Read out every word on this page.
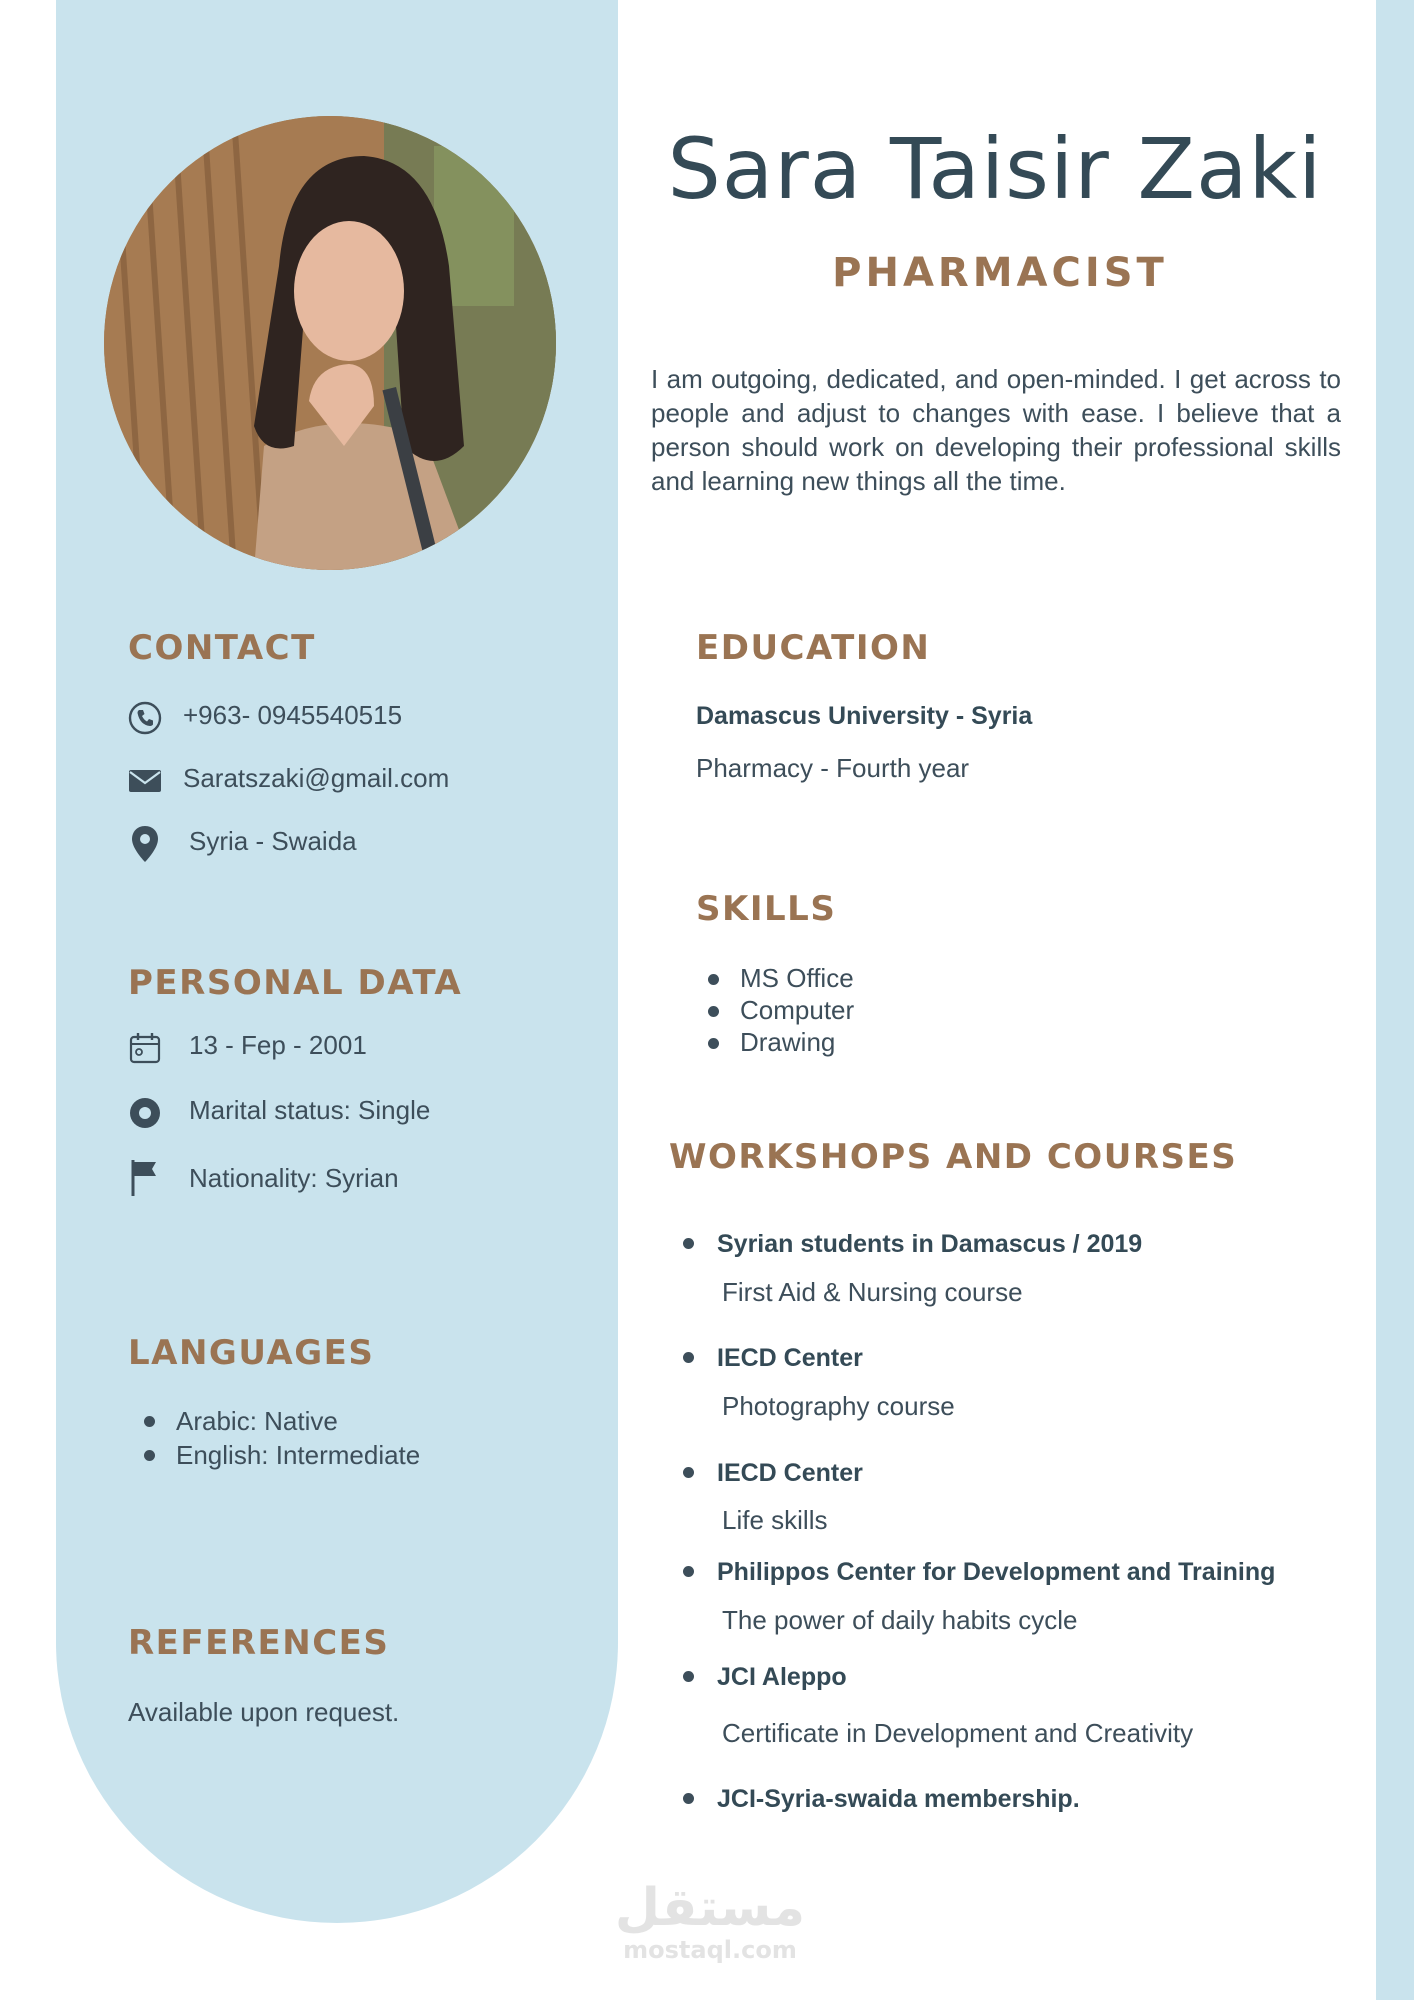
Sara Taisir Zaki
PHARMACIST
I am outgoing, dedicated, and open-minded. I get across to people and adjust to changes with ease. I believe that a person should work on developing their professional skills and learning new things all the time.
CONTACT
+963- 0945540515
Saratszaki@gmail.com
Syria - Swaida
PERSONAL DATA
13 - Fep - 2001
Marital status: Single
Nationality: Syrian
LANGUAGES
Arabic: Native
English: Intermediate
REFERENCES
Available upon request.
EDUCATION
Damascus University - Syria
Pharmacy - Fourth year
SKILLS
MS Office
Computer
Drawing
WORKSHOPS AND COURSES
Syrian students in Damascus / 2019
First Aid & Nursing course
IECD Center
Photography course
IECD Center
Life skills
Philippos Center for Development and Training
The power of daily habits cycle
JCI Aleppo
Certificate in Development and Creativity
JCI-Syria-swaida membership.
مستقل
mostaql.com
